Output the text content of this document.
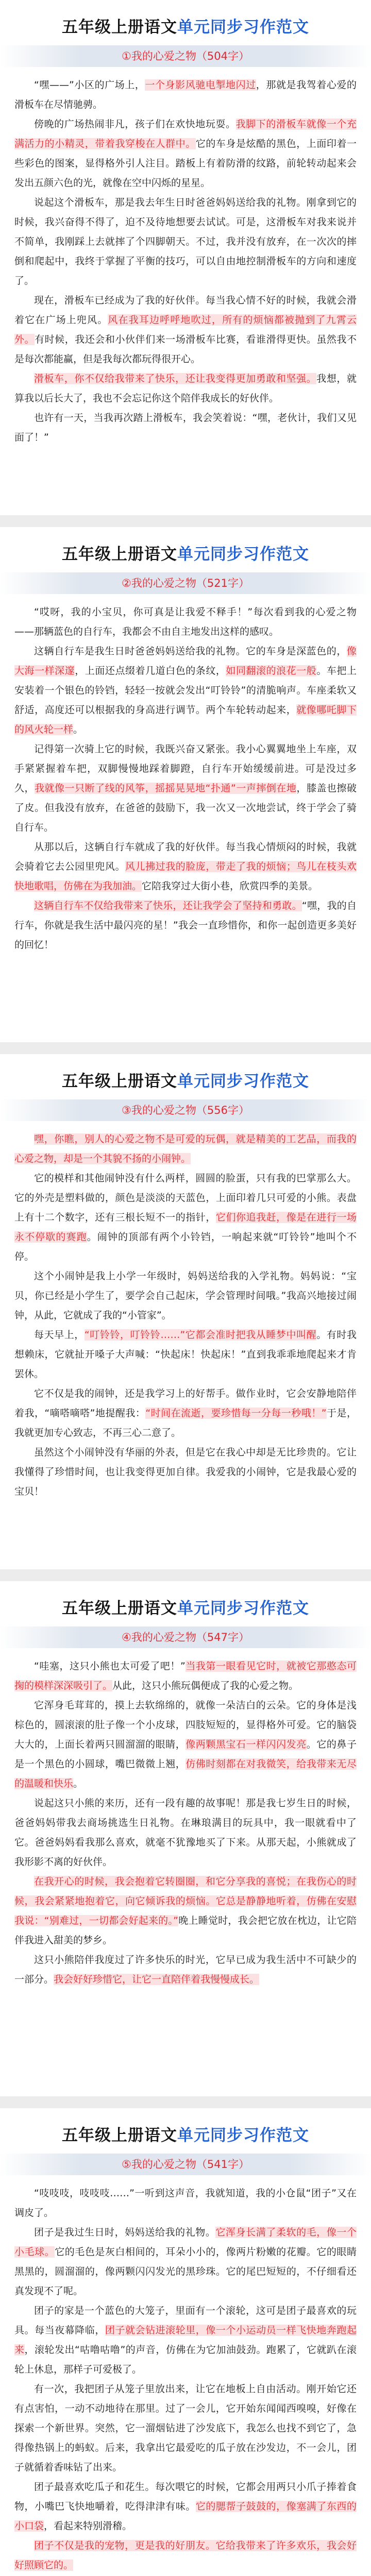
五年级上册语文单元同步习作范文
①我的心爱之物（504字）

“嘿——”小区的广场上，一个身影风驰电掣地闪过，那就是我驾着心爱的滑板车在尽情驰骋。

傍晚的广场热闹非凡，孩子们在欢快地玩耍。我脚下的滑板车就像一个充满活力的小精灵，带着我穿梭在人群中。它的车身是炫酷的黑色，上面印着一些彩色的图案，显得格外引人注目。踏板上有着防滑的纹路，前轮转动起来会发出五颜六色的光，就像在空中闪烁的星星。

说起这个滑板车，那是我去年生日时爸爸妈妈送给我的礼物。刚拿到它的时候，我兴奋得不得了，迫不及待地想要去试试。可是，这滑板车对我来说并不简单，我刚踩上去就摔了个四脚朝天。不过，我并没有放弃，在一次次的摔倒和爬起中，我终于掌握了平衡的技巧，可以自由地控制滑板车的方向和速度了。

现在，滑板车已经成为了我的好伙伴。每当我心情不好的时候，我就会滑着它在广场上兜风。风在我耳边呼呼地吹过，所有的烦恼都被抛到了九霄云外。有时候，我还会和小伙伴们来一场滑板车比赛，看谁滑得更快。虽然我不是每次都能赢，但是我每次都玩得很开心。

滑板车，你不仅给我带来了快乐，还让我变得更加勇敢和坚强。我想，就算我以后长大了，我也不会忘记你这个陪伴我成长的好伙伴。

也许有一天，当我再次踏上滑板车，我会笑着说：“嘿，老伙计，我们又见面了！”

五年级上册语文单元同步习作范文
②我的心爱之物（521字）

“哎呀，我的小宝贝，你可真是让我爱不释手！”每次看到我的心爱之物——那辆蓝色的自行车，我都会不由自主地发出这样的感叹。

这辆自行车是我生日时爸爸妈妈送给我的礼物。它的车身是深蓝色的，像大海一样深邃，上面还点缀着几道白色的条纹，如同翻滚的浪花一般。车把上安装着一个银色的铃铛，轻轻一按就会发出“叮铃铃”的清脆响声。车座柔软又舒适，高度还可以根据我的身高进行调节。两个车轮转动起来，就像哪吒脚下的风火轮一样。

记得第一次骑上它的时候，我既兴奋又紧张。我小心翼翼地坐上车座，双手紧紧握着车把，双脚慢慢地踩着脚蹬，自行车开始缓缓前进。可是没过多久，我就像一只断了线的风筝，摇摇晃晃地“扑通”一声摔倒在地，膝盖也擦破了皮。但我没有放弃，在爸爸的鼓励下，我一次又一次地尝试，终于学会了骑自行车。

从那以后，这辆自行车就成了我的好伙伴。每当我心情烦闷的时候，我就会骑着它去公园里兜风。风儿拂过我的脸庞，带走了我的烦恼；鸟儿在枝头欢快地歌唱，仿佛在为我加油。它陪我穿过大街小巷，欣赏四季的美景。

这辆自行车不仅给我带来了快乐，还让我学会了坚持和勇敢。“嘿，我的自行车，你就是我生活中最闪亮的星！”我会一直珍惜你，和你一起创造更多美好的回忆！

五年级上册语文单元同步习作范文
③我的心爱之物（556字）

嘿，你瞧，别人的心爱之物不是可爱的玩偶，就是精美的工艺品，而我的心爱之物，却是一个其貌不扬的小闹钟。

它的模样和其他闹钟没有什么两样，圆圆的脸蛋，只有我的巴掌那么大。它的外壳是塑料做的，颜色是淡淡的天蓝色，上面印着几只可爱的小熊。表盘上有十二个数字，还有三根长短不一的指针，它们你追我赶，像是在进行一场永不停歇的赛跑。闹钟的顶部有两个小铃铛，一响起来就“叮铃铃”地叫个不停。

这个小闹钟是我上小学一年级时，妈妈送给我的入学礼物。妈妈说：“宝贝，你已经是小学生了，要学会自己起床，学会管理时间哦。”我高兴地接过闹钟，从此，它就成了我的“小管家”。

每天早上，“叮铃铃，叮铃铃……”它都会准时把我从睡梦中叫醒。有时我想赖床，它就扯开嗓子大声喊：“快起床！快起床！”直到我乖乖地爬起来才肯罢休。

它不仅是我的闹钟，还是我学习上的好帮手。做作业时，它会安静地陪伴着我，“嘀嗒嘀嗒”地提醒我：“时间在流逝，要珍惜每一分每一秒哦！”于是，我就更加专心致志，不再三心二意了。

虽然这个小闹钟没有华丽的外表，但是它在我心中却是无比珍贵的。它让我懂得了珍惜时间，也让我变得更加自律。我爱我的小闹钟，它是我最心爱的宝贝！

五年级上册语文单元同步习作范文
④我的心爱之物（547字）

“哇塞，这只小熊也太可爱了吧！”当我第一眼看见它时，就被它那憨态可掬的模样深深吸引了。从此，这只小熊玩偶便成了我的心爱之物。

它浑身毛茸茸的，摸上去软绵绵的，就像一朵洁白的云朵。它的身体是浅棕色的，圆滚滚的肚子像一个小皮球，四肢短短的，显得格外可爱。它的脑袋大大的，上面长着两只圆溜溜的眼睛，像两颗黑宝石一样闪闪发亮。它的鼻子是一个黑色的小圆球，嘴巴微微上翘，仿佛时刻都在对我微笑，给我带来无尽的温暖和快乐。

说起这只小熊的来历，还有一段有趣的故事呢！那是我七岁生日的时候，爸爸妈妈带我去商场挑选生日礼物。在琳琅满目的玩具中，我一眼就看中了它。爸爸妈妈看我那么喜欢，就毫不犹豫地买了下来。从那天起，小熊就成了我形影不离的好伙伴。

在我开心的时候，我会抱着它转圈圈，和它分享我的喜悦；在我伤心的时候，我会紧紧地抱着它，向它倾诉我的烦恼。它总是静静地听着，仿佛在安慰我说：“别难过，一切都会好起来的。”晚上睡觉时，我会把它放在枕边，让它陪伴我进入甜美的梦乡。

这只小熊陪伴我度过了许多快乐的时光，它早已成为我生活中不可缺少的一部分。我会好好珍惜它，让它一直陪伴着我慢慢成长。

五年级上册语文单元同步习作范文
⑤我的心爱之物（541字）

“吱吱吱，吱吱吱……”一听到这声音，我就知道，我的小仓鼠“团子”又在调皮了。

团子是我过生日时，妈妈送给我的礼物。它浑身长满了柔软的毛，像一个小毛球。它的毛色是灰白相间的，耳朵小小的，像两片粉嫩的花瓣。它的眼睛黑黑的，圆溜溜的，像两颗闪闪发光的黑珍珠。它的尾巴短短的，不仔细看还真发现不了呢。

团子的家是一个蓝色的大笼子，里面有一个滚轮，这可是团子最喜欢的玩具。每当夜幕降临，团子就会钻进滚轮里，像一个小运动员一样飞快地奔跑起来，滚轮发出“咕噜咕噜”的声音，仿佛在为它加油鼓劲。跑累了，它就趴在滚轮上休息，那样子可爱极了。

有一次，我把团子从笼子里放出来，让它在地板上自由活动。刚开始它还有点害怕，一动不动地待在那里。过了一会儿，它开始东闻闻西嗅嗅，好像在探索一个新世界。突然，它一溜烟钻进了沙发底下，我怎么也找不到它了，急得像热锅上的蚂蚁。后来，我拿出它最爱吃的瓜子放在沙发边，不一会儿，团子就循着香味钻了出来。

团子最喜欢吃瓜子和花生。每次喂它的时候，它都会用两只小爪子捧着食物，小嘴巴飞快地嚼着，吃得津津有味。它的腮帮子鼓鼓的，像塞满了东西的小口袋，看起来特别滑稽。

团子不仅是我的宠物，更是我的好朋友。它给我带来了许多欢乐，我会好好照顾它的。
